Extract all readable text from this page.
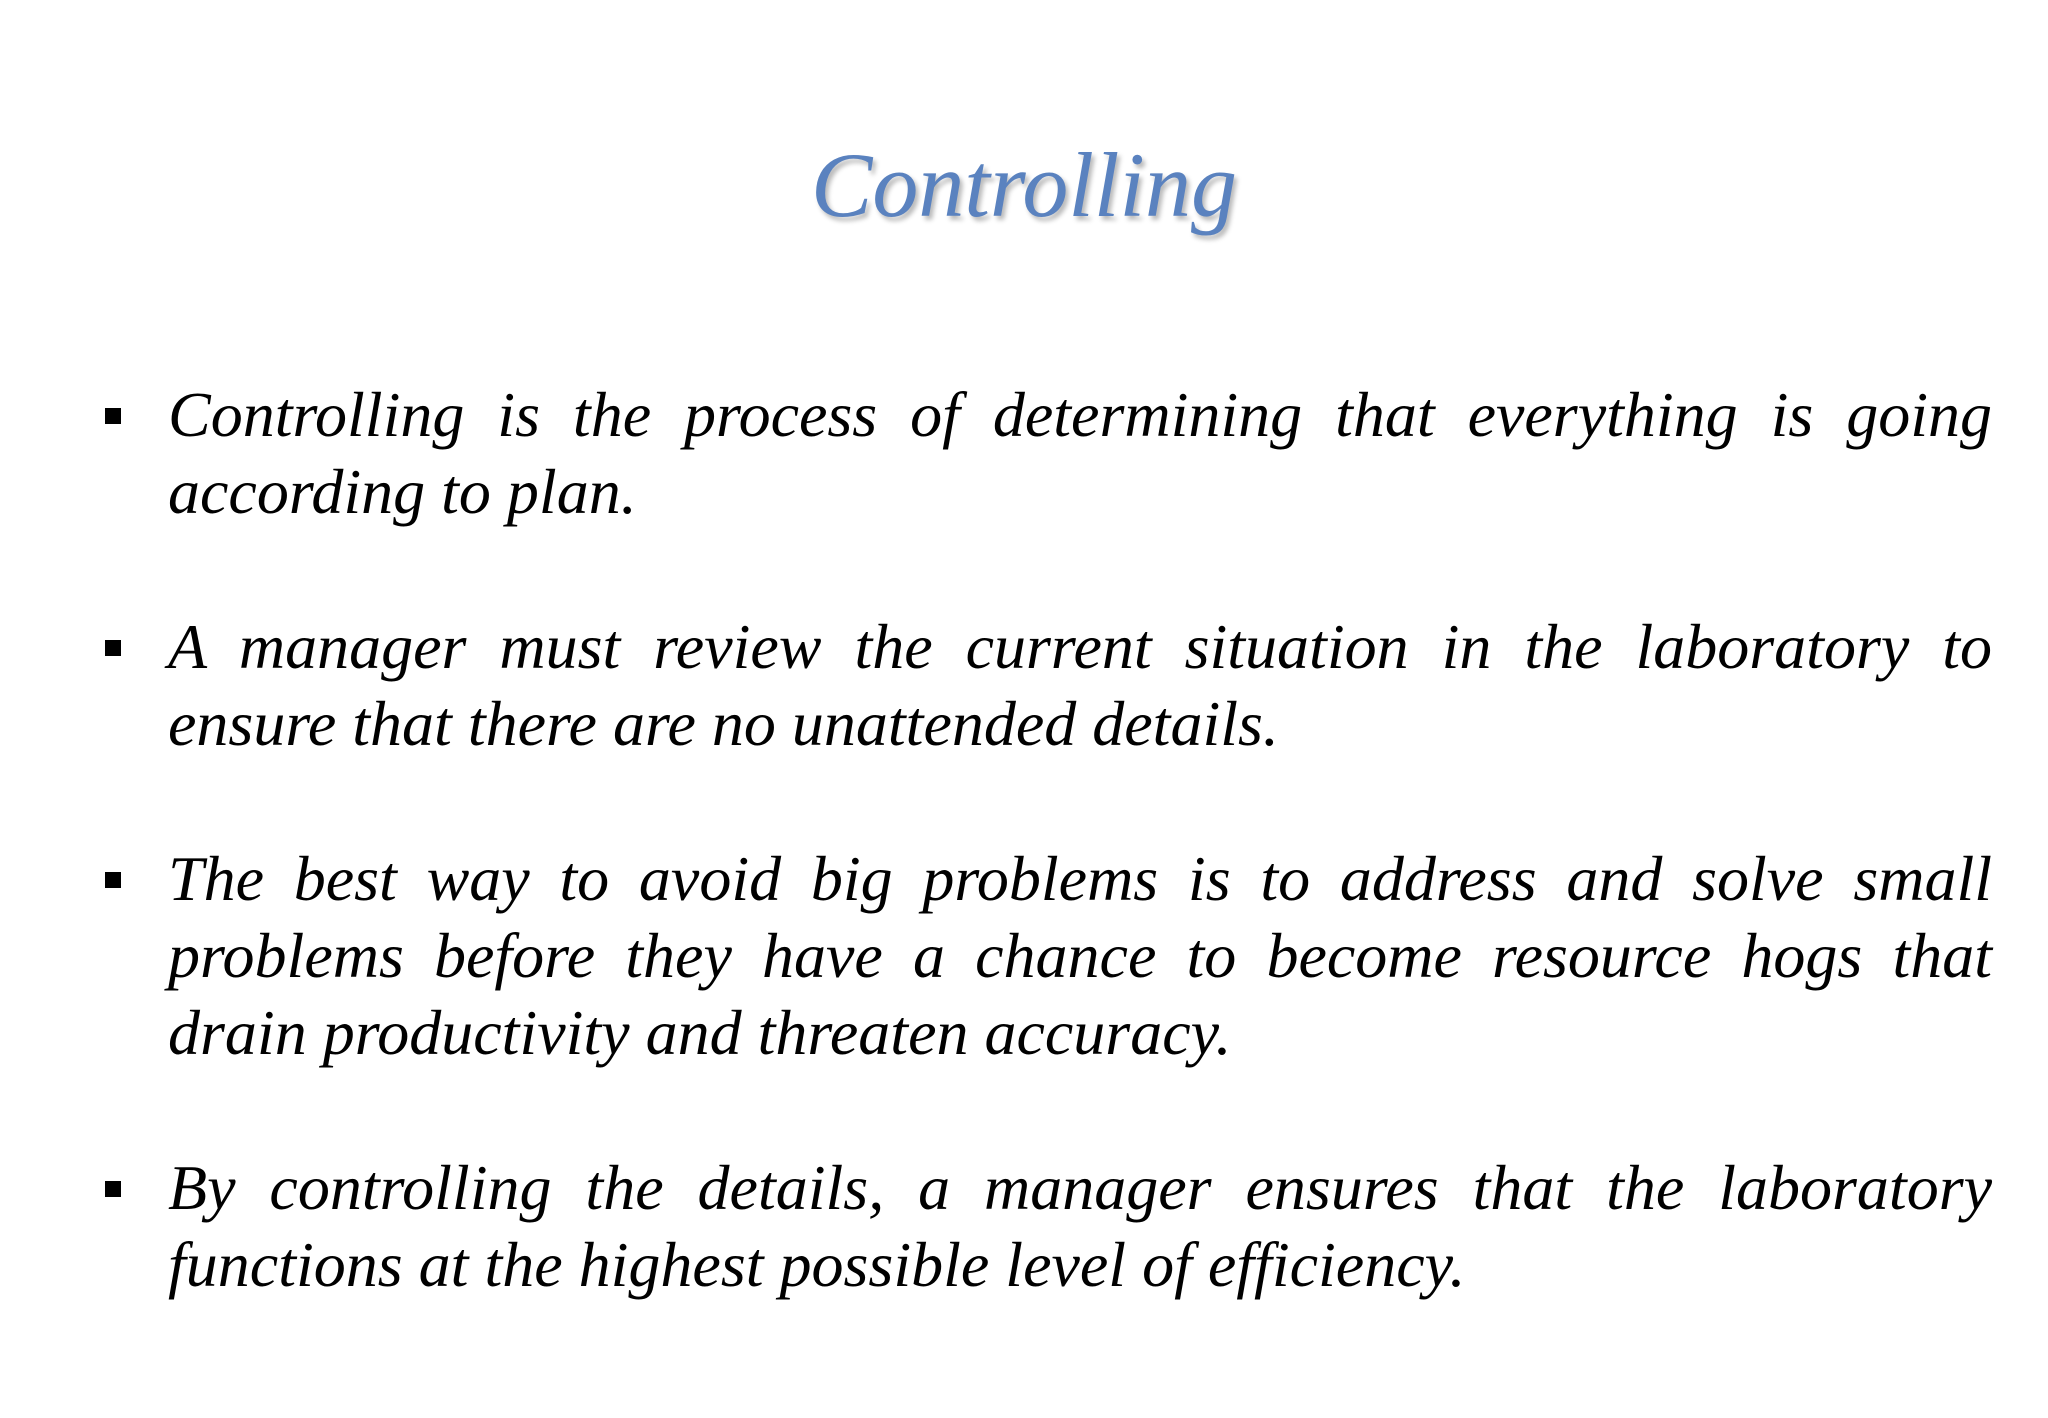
Controlling
Controlling is the process of determining that everything is going according to plan.
A manager must review the current situation in the laboratory to ensure that there are no unattended details.
The best way to avoid big problems is to address and solve small problems before they have a chance to become resource hogs that drain productivity and threaten accuracy.
By controlling the details, a manager ensures that the laboratory functions at the highest possible level of efficiency.
